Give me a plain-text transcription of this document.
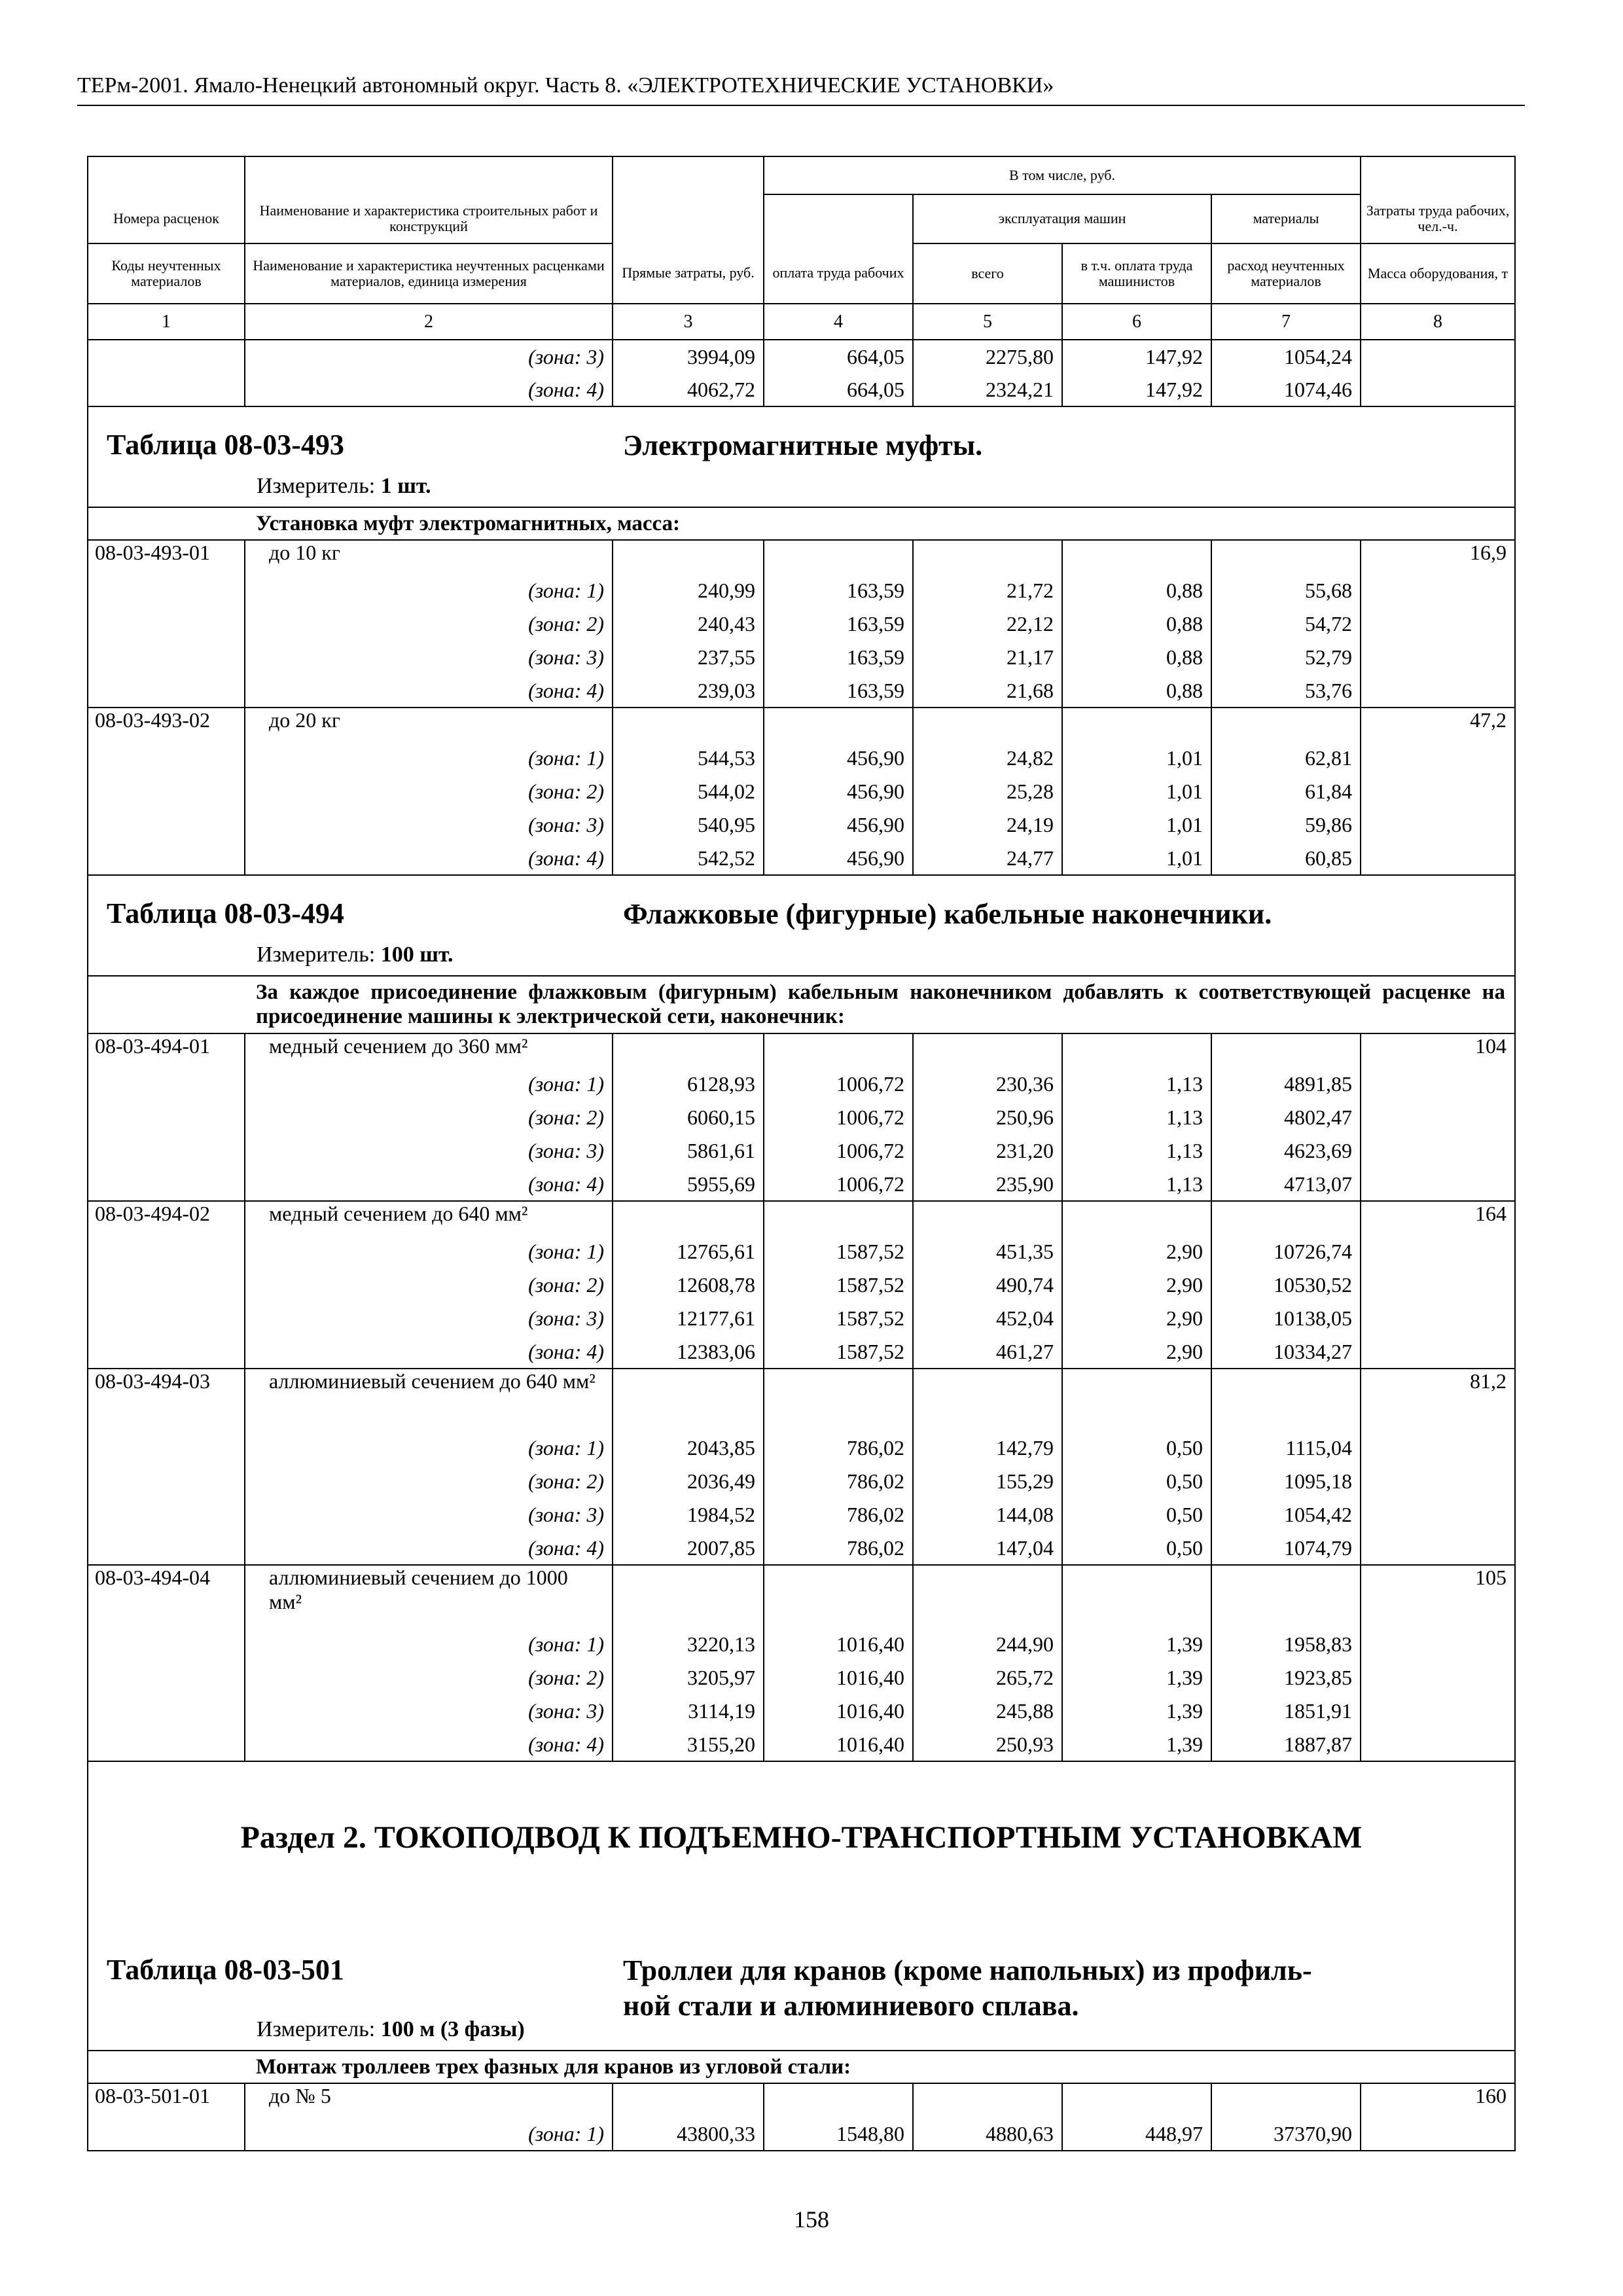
ТЕРм-2001. Ямало-Ненецкий автономный округ. Часть 8. «ЭЛЕКТРОТЕХНИЧЕСКИЕ УСТАНОВКИ»
			В том числе, руб.				
Номера расценок	Наименование и характеристика строительных работ и конструкций			эксплуатация машин		материалы	Затраты труда рабочих, чел.-ч.
Коды неучтенных материалов	Наименование и характеристика неучтенных расценками материалов, единица измерения	Прямые затраты, руб.	оплата труда рабочих	всего	в т.ч. оплата труда машинистов	расход неучтенных материалов	Масса оборудования, т
1	2	3	4	5	6	7	8
	(зона: 3)	3994,09	664,05	2275,80	147,92	1054,24	
	(зона: 4)	4062,72	664,05	2324,21	147,92	1074,46	

Таблица 08-03-493 Электромагнитные муфты.
Измеритель: 1 шт.							

Установка муфт электромагнитных, масса:							
08-03-493-01	до 10 кг						16,9
	(зона: 1)	240,99	163,59	21,72	0,88	55,68	
	(зона: 2)	240,43	163,59	22,12	0,88	54,72	
	(зона: 3)	237,55	163,59	21,17	0,88	52,79	
	(зона: 4)	239,03	163,59	21,68	0,88	53,76	
08-03-493-02	до 20 кг						47,2
	(зона: 1)	544,53	456,90	24,82	1,01	62,81	
	(зона: 2)	544,02	456,90	25,28	1,01	61,84	
	(зона: 3)	540,95	456,90	24,19	1,01	59,86	
	(зона: 4)	542,52	456,90	24,77	1,01	60,85	

Таблица 08-03-494 Флажковые (фигурные) кабельные наконечники.
Измеритель: 100 шт.							

За каждое присоединение флажковым (фигурным) кабельным наконечником добавлять к соответствующей расценке на присоединение машины к электрической сети, наконечник:							
08-03-494-01	медный сечением до 360 мм²						104
	(зона: 1)	6128,93	1006,72	230,36	1,13	4891,85	
	(зона: 2)	6060,15	1006,72	250,96	1,13	4802,47	
	(зона: 3)	5861,61	1006,72	231,20	1,13	4623,69	
	(зона: 4)	5955,69	1006,72	235,90	1,13	4713,07	
08-03-494-02	медный сечением до 640 мм²						164
	(зона: 1)	12765,61	1587,52	451,35	2,90	10726,74	
	(зона: 2)	12608,78	1587,52	490,74	2,90	10530,52	
	(зона: 3)	12177,61	1587,52	452,04	2,90	10138,05	
	(зона: 4)	12383,06	1587,52	461,27	2,90	10334,27	
08-03-494-03	аллюминиевый сечением до 640 мм²						81,2
	(зона: 1)	2043,85	786,02	142,79	0,50	1115,04	
	(зона: 2)	2036,49	786,02	155,29	0,50	1095,18	
	(зона: 3)	1984,52	786,02	144,08	0,50	1054,42	
	(зона: 4)	2007,85	786,02	147,04	0,50	1074,79	
08-03-494-04	аллюминиевый сечением до 1000 мм²						105
	(зона: 1)	3220,13	1016,40	244,90	1,39	1958,83	
	(зона: 2)	3205,97	1016,40	265,72	1,39	1923,85	
	(зона: 3)	3114,19	1016,40	245,88	1,39	1851,91	
	(зона: 4)	3155,20	1016,40	250,93	1,39	1887,87	

Раздел 2. ТОКОПОДВОД К ПОДЪЕМНО-ТРАНСПОРТНЫМ УСТАНОВКАМ
Таблица 08-03-501 Троллеи для кранов (кроме напольных) из профиль-
ной стали и алюминиевого сплава.
Измеритель: 100 м (3 фазы)							

Монтаж троллеев трех фазных для кранов из угловой стали:							
08-03-501-01	до № 5						160
	(зона: 1)	43800,33	1548,80	4880,63	448,97	37370,90	
158
